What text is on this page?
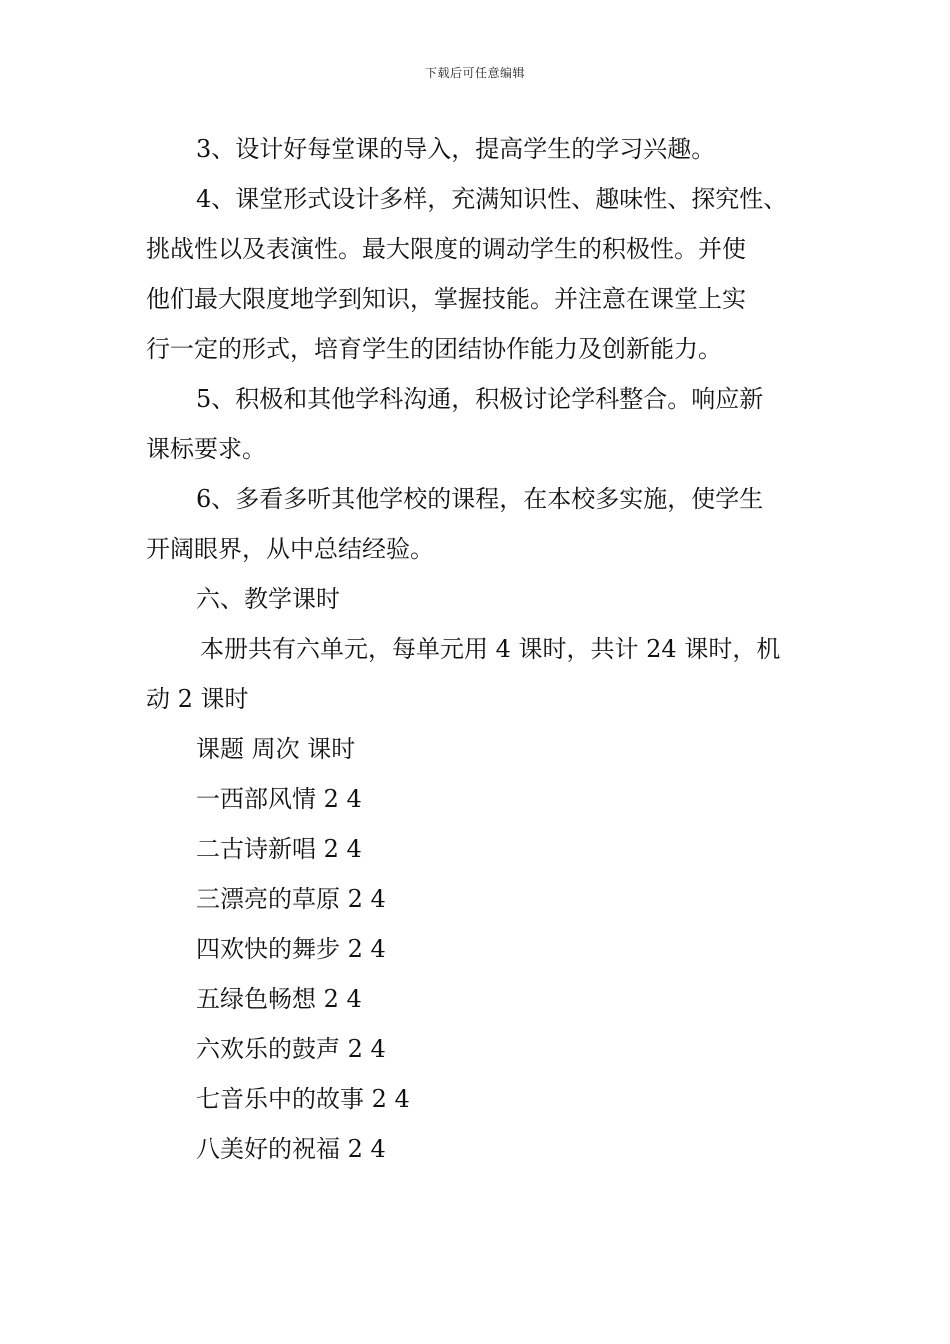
下载后可任意编辑
3、设计好每堂课的导入，提高学生的学习兴趣。
4、课堂形式设计多样，充满知识性、趣味性、探究性、
挑战性以及表演性。最大限度的调动学生的积极性。并使
他们最大限度地学到知识，掌握技能。并注意在课堂上实
行一定的形式，培育学生的团结协作能力及创新能力。
5、积极和其他学科沟通，积极讨论学科整合。响应新
课标要求。
6、多看多听其他学校的课程，在本校多实施，使学生
开阔眼界，从中总结经验。
六、教学课时
本册共有六单元，每单元用 4 课时，共计 24 课时，机
动 2 课时
课题 周次 课时
一西部风情 2 4
二古诗新唱 2 4
三漂亮的草原 2 4
四欢快的舞步 2 4
五绿色畅想 2 4
六欢乐的鼓声 2 4
七音乐中的故事 2 4
八美好的祝福 2 4
